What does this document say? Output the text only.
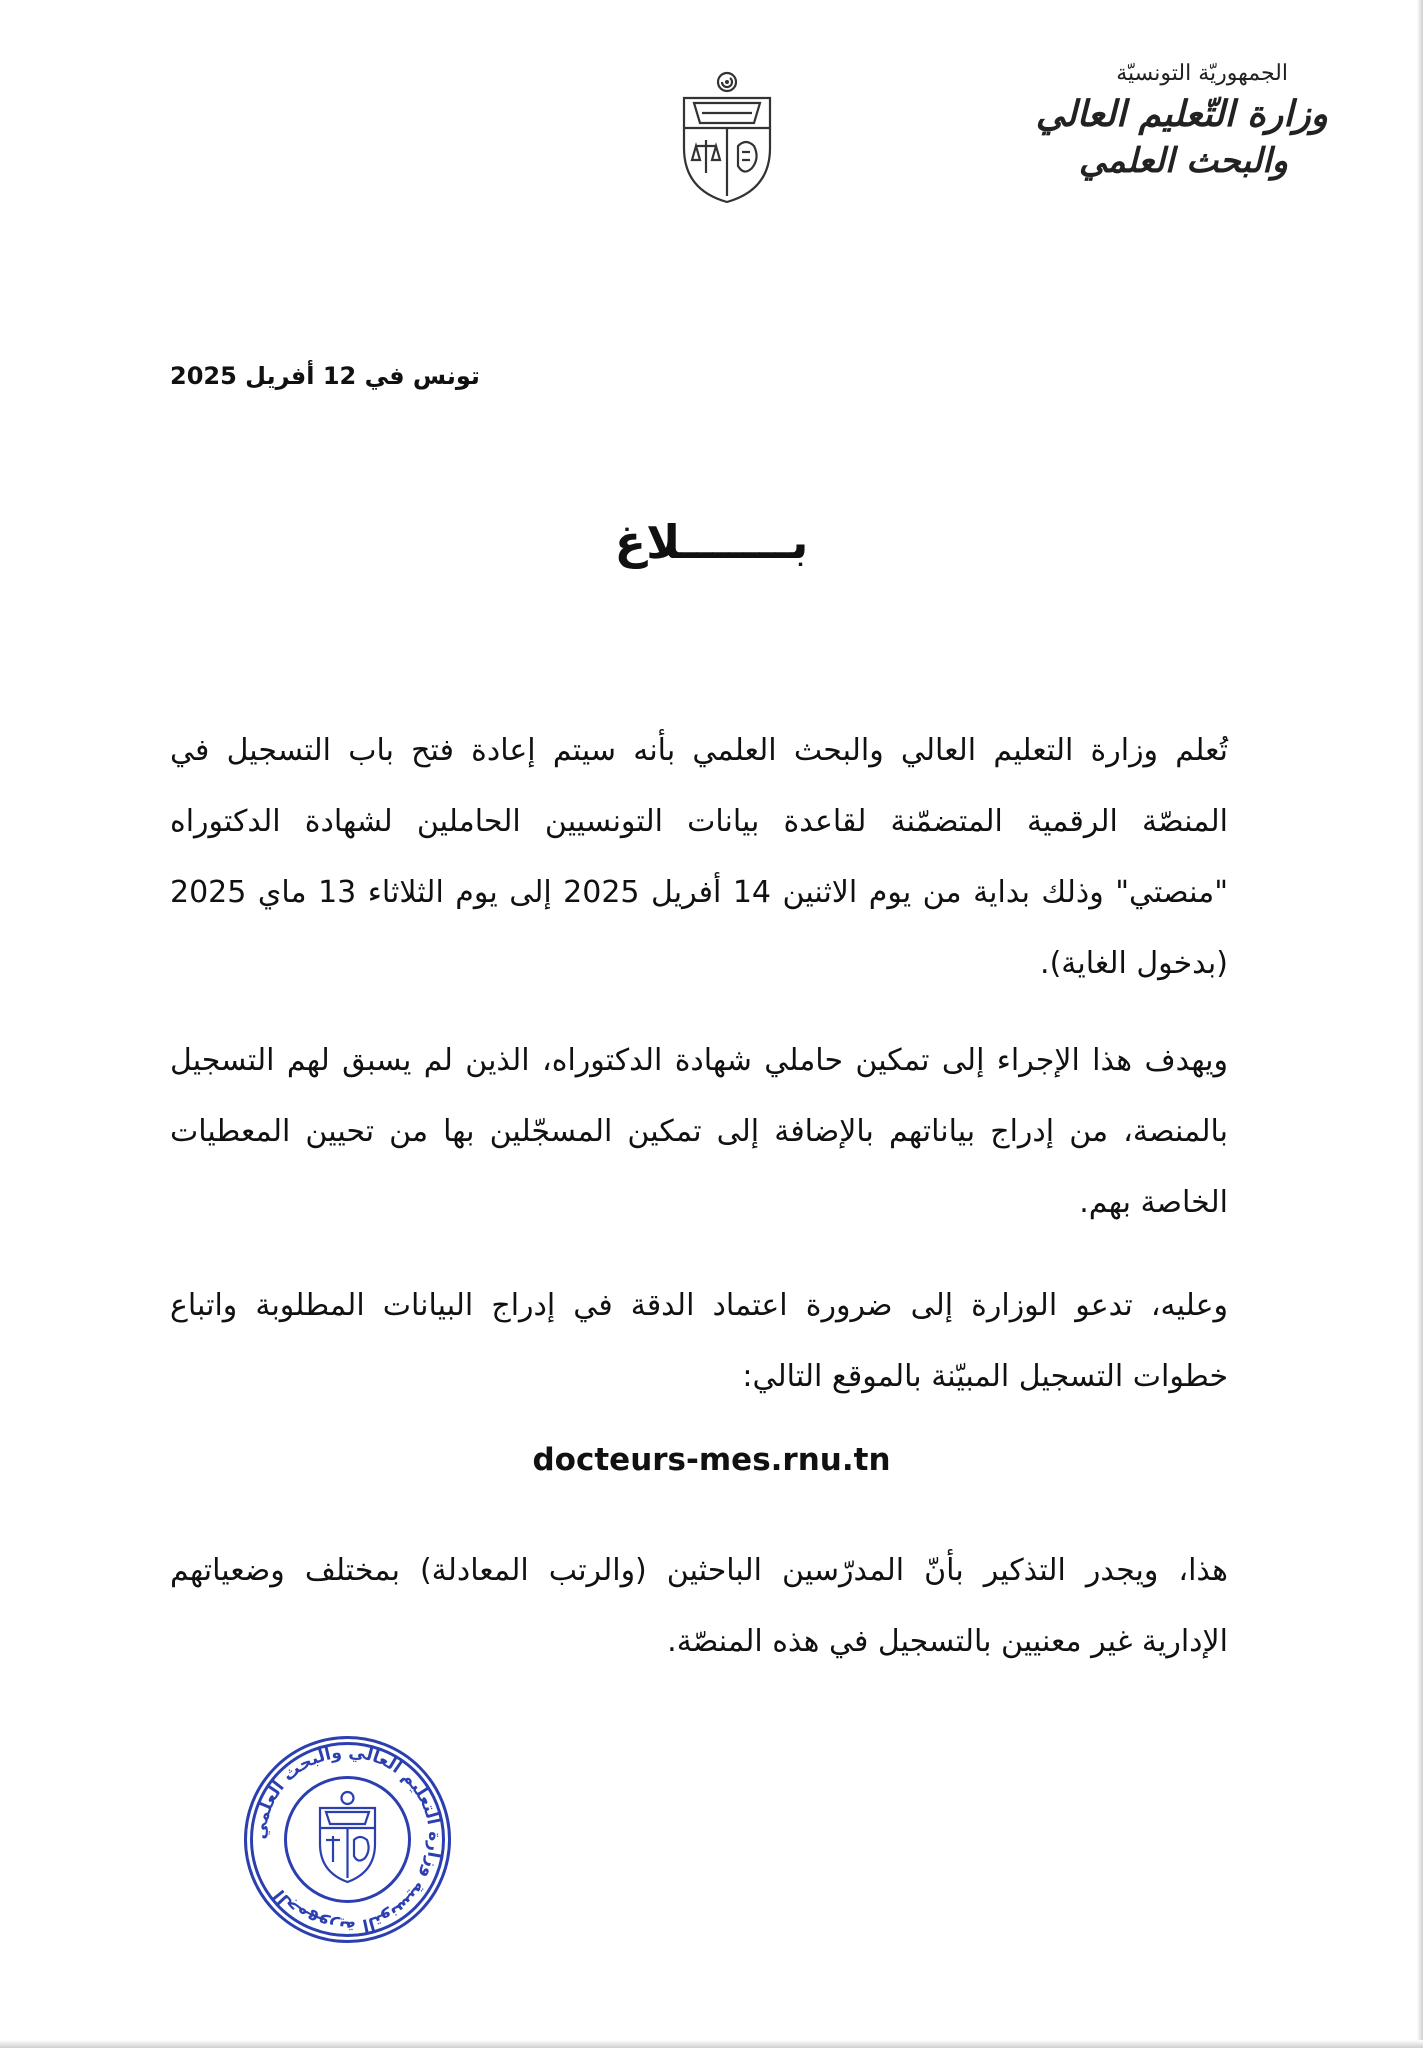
الجمهوريّة التونسيّة
وزارة التّعليم العالي
والبحث العلمي
تونس في 12 أفريل 2025
بـــــــلاغ
تُعلم وزارة التعليم العالي والبحث العلمي بأنه سيتم إعادة فتح باب التسجيل في المنصّة الرقمية المتضمّنة لقاعدة بيانات التونسيين الحاملين لشهادة الدكتوراه "منصتي" وذلك بداية من يوم الاثنين 14 أفريل 2025 إلى يوم الثلاثاء 13 ماي 2025 (بدخول الغاية).
ويهدف هذا الإجراء إلى تمكين حاملي شهادة الدكتوراه، الذين لم يسبق لهم التسجيل بالمنصة، من إدراج بياناتهم بالإضافة إلى تمكين المسجّلين بها من تحيين المعطيات الخاصة بهم.
وعليه، تدعو الوزارة إلى ضرورة اعتماد الدقة في إدراج البيانات المطلوبة واتباع خطوات التسجيل المبيّنة بالموقع التالي:
docteurs-mes.rnu.tn
هذا، ويجدر التذكير بأنّ المدرّسين الباحثين (والرتب المعادلة) بمختلف وضعياتهم الإدارية غير معنيين بالتسجيل في هذه المنصّة.
الجمهورية التونسية وزارة التعليم العالي والبحث العلمي
